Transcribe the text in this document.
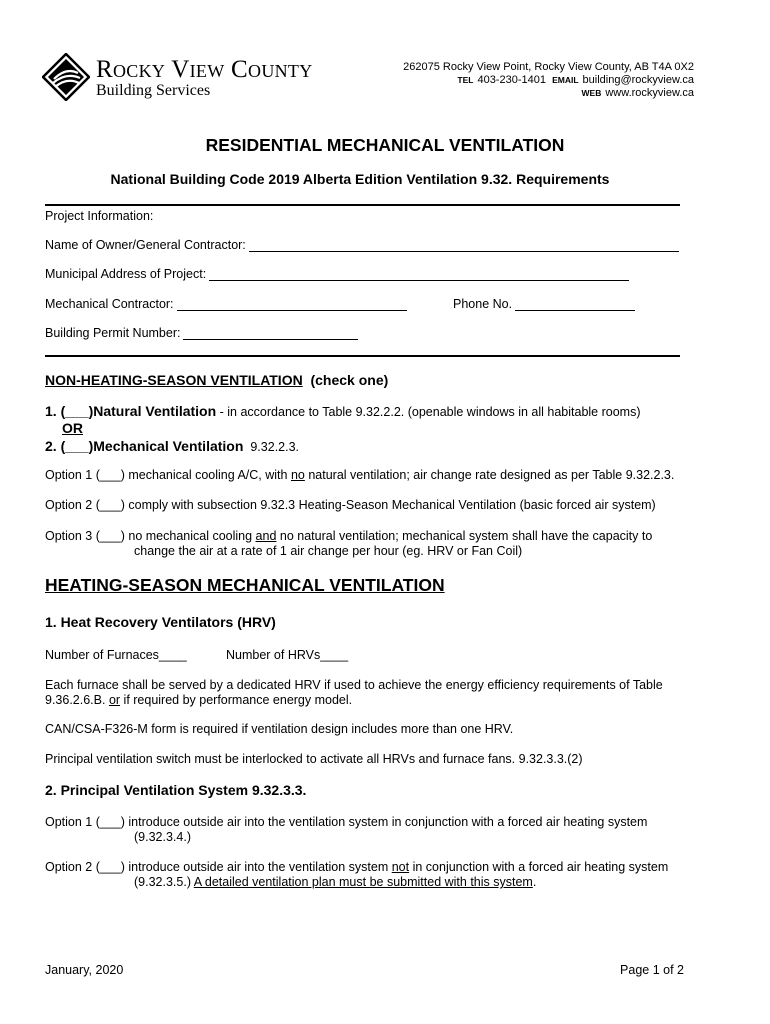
Rocky View County
Building Services
262075 Rocky View Point, Rocky View County, AB T4A 0X2
TEL 403-230-1401 EMAIL building@rockyview.ca
WEB www.rockyview.ca
RESIDENTIAL MECHANICAL VENTILATION
National Building Code 2019 Alberta Edition Ventilation 9.32. Requirements
Project Information:
Name of Owner/General Contractor:
Municipal Address of Project:
Mechanical Contractor:	Phone No.
Building Permit Number:
NON-HEATING-SEASON VENTILATION (check one)
1. (___)Natural Ventilation - in accordance to Table 9.32.2.2. (openable windows in all habitable rooms)
OR
2. (___)Mechanical Ventilation 9.32.2.3.
Option 1 (___) mechanical cooling A/C, with no natural ventilation; air change rate designed as per Table 9.32.2.3.
Option 2 (___) comply with subsection 9.32.3 Heating-Season Mechanical Ventilation (basic forced air system)
Option 3 (___) no mechanical cooling and no natural ventilation; mechanical system shall have the capacity to
change the air at a rate of 1 air change per hour (eg. HRV or Fan Coil)
HEATING-SEASON MECHANICAL VENTILATION
1. Heat Recovery Ventilators (HRV)
Number of Furnaces____	Number of HRVs____
Each furnace shall be served by a dedicated HRV if used to achieve the energy efficiency requirements of Table
9.36.2.6.B. or if required by performance energy model.
CAN/CSA-F326-M form is required if ventilation design includes more than one HRV.
Principal ventilation switch must be interlocked to activate all HRVs and furnace fans. 9.32.3.3.(2)
2. Principal Ventilation System 9.32.3.3.
Option 1 (___) introduce outside air into the ventilation system in conjunction with a forced air heating system
(9.32.3.4.)
Option 2 (___) introduce outside air into the ventilation system not in conjunction with a forced air heating system
(9.32.3.5.) A detailed ventilation plan must be submitted with this system.
January, 2020	Page 1 of 2
